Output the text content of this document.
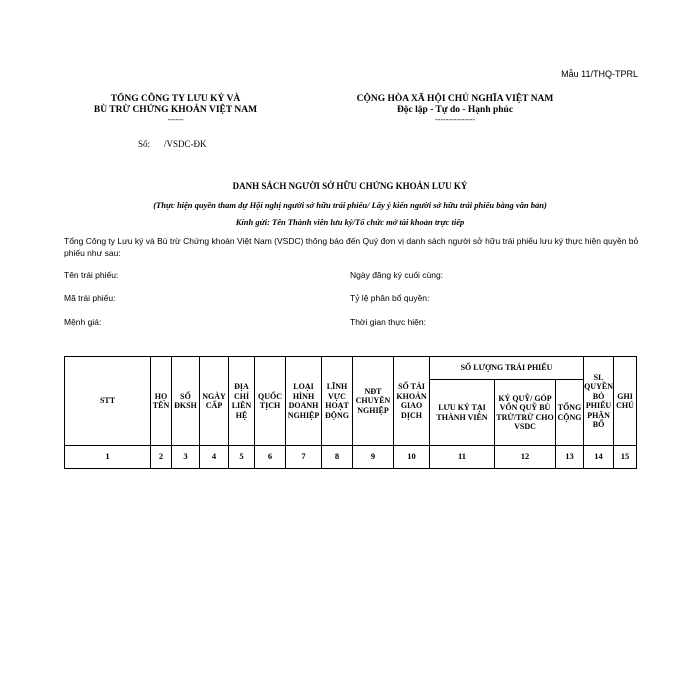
Mẫu 11/THQ-TPRL
TỔNG CÔNG TY LƯU KÝ VÀ
BÙ TRỪ CHỨNG KHOÁN VIỆT NAM
------
CỘNG HÒA XÃ HỘI CHỦ NGHĨA VIỆT NAM
Độc lập - Tự do - Hạnh phúc
---------------
Số: /VSDC-ĐK
DANH SÁCH NGƯỜI SỞ HỮU CHỨNG KHOÁN LƯU KÝ
(Thực hiện quyền tham dự Hội nghị người sở hữu trái phiếu/ Lấy ý kiến người sở hữu trái phiếu bằng văn bản)
Kính gửi: Tên Thành viên lưu ký/Tổ chức mở tài khoản trực tiếp
Tổng Công ty Lưu ký và Bù trừ Chứng khoán Việt Nam (VSDC) thông báo đến Quý đơn vị danh sách người sở hữu trái phiếu lưu ký thực hiện quyền bỏ phiếu như sau:
Tên trái phiếu:	Ngày đăng ký cuối cùng:
Mã trái phiếu:	Tỷ lệ phân bổ quyền:
Mệnh giá:	Thời gian thực hiện:
STT	HỌ TÊN	SỐ ĐKSH	NGÀY CẤP	ĐỊA CHỈ LIÊN HỆ	QUỐC TỊCH	LOẠI HÌNH DOANH NGHIỆP	LĨNH VỰC HOẠT ĐỘNG	NĐT CHUYÊN NGHIỆP	SỐ TÀI KHOẢN GIAO DỊCH	SỐ LƯỢNG TRÁI PHIẾU			SL QUYỀN BỎ PHIẾU PHÂN BỔ	GHI CHÚ
										LƯU KÝ TẠI THÀNH VIÊN	KÝ QUỸ/ GÓP VỐN QUỸ BÙ TRỪ/TRỪ CHO VSDC	TỔNG CỘNG		
1	2	3	4	5	6	7	8	9	10	11	12	13	14	15
